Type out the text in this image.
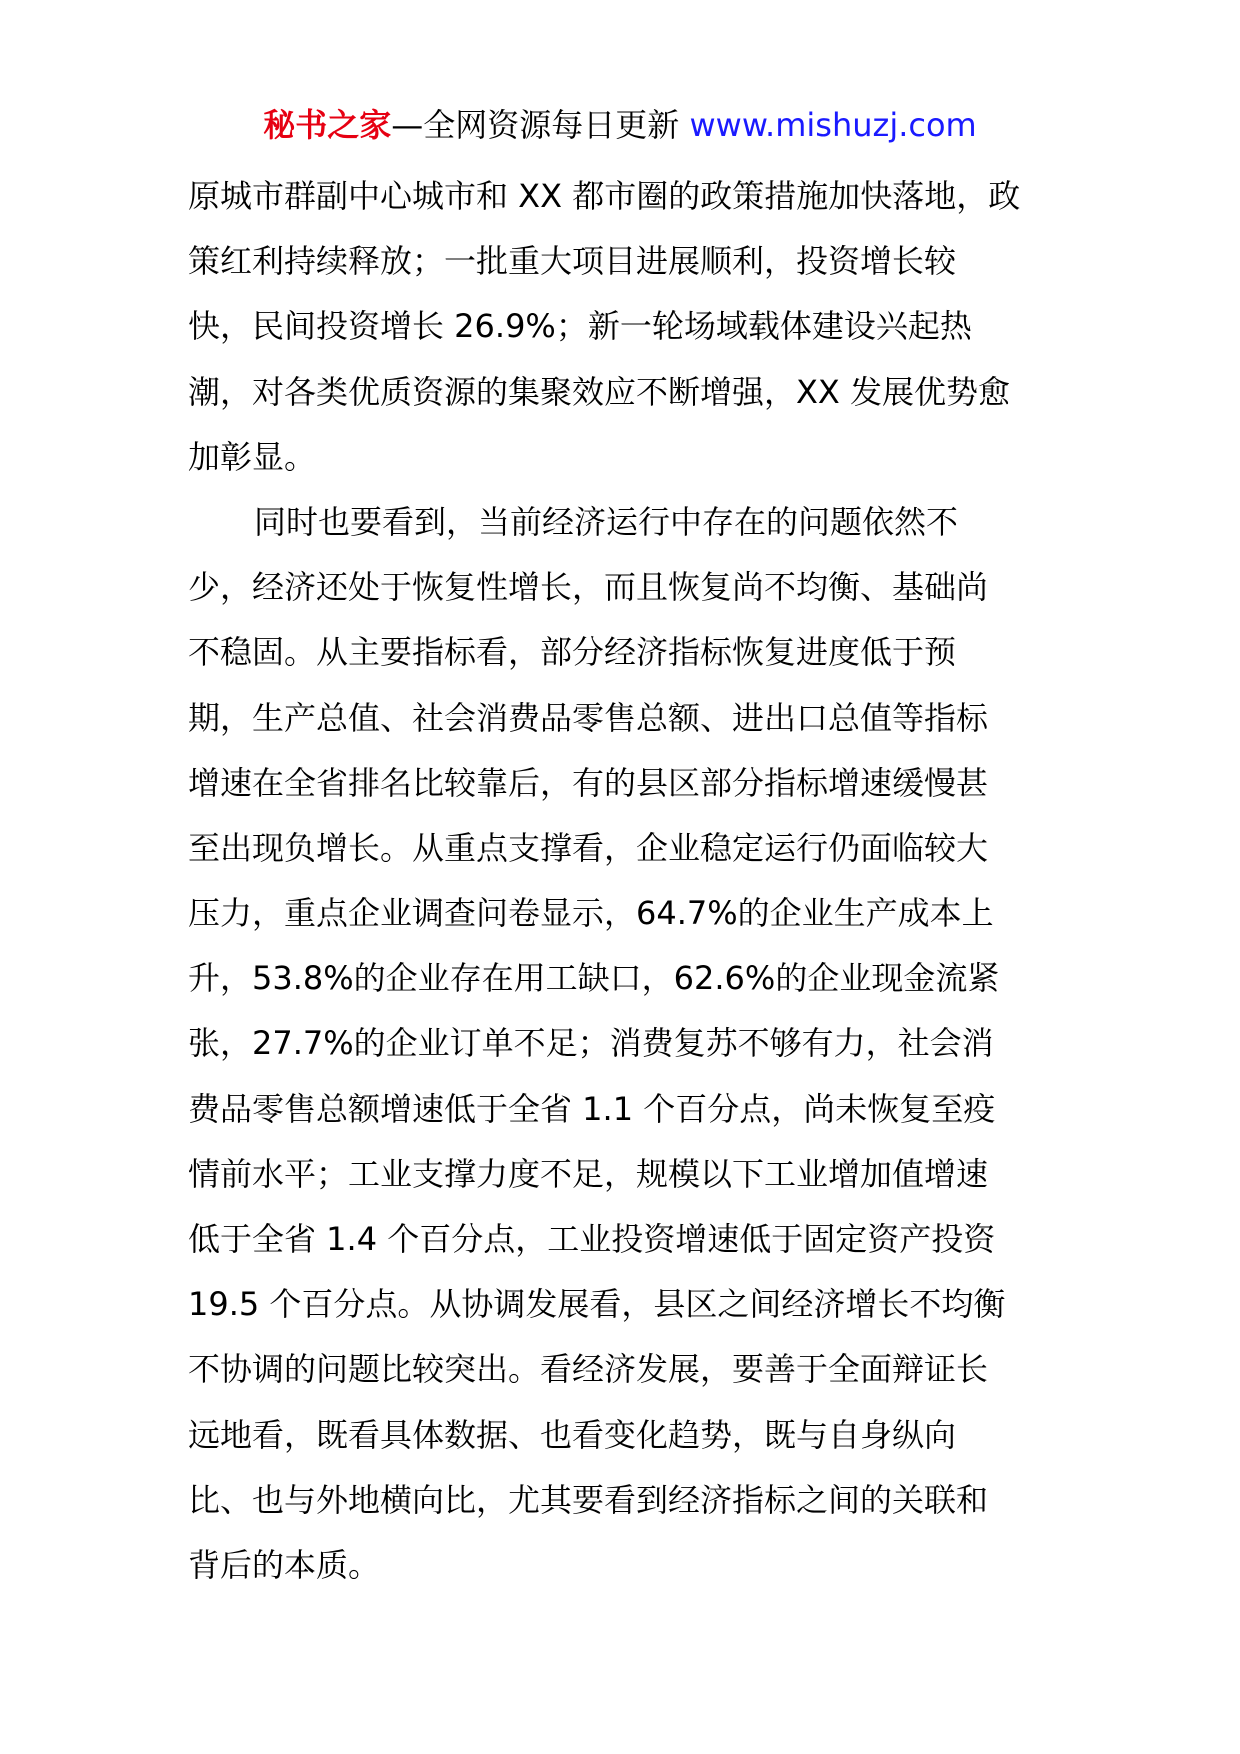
秘书之家—全网资源每日更新 www.mishuzj.com
原城市群副中心城市和 XX 都市圈的政策措施加快落地，政
策红利持续释放；一批重大项目进展顺利，投资增长较
快，民间投资增长 26.9%；新一轮场域载体建设兴起热
潮，对各类优质资源的集聚效应不断增强，XX 发展优势愈
加彰显。
同时也要看到，当前经济运行中存在的问题依然不
少，经济还处于恢复性增长，而且恢复尚不均衡、基础尚
不稳固。从主要指标看，部分经济指标恢复进度低于预
期，生产总值、社会消费品零售总额、进出口总值等指标
增速在全省排名比较靠后，有的县区部分指标增速缓慢甚
至出现负增长。从重点支撑看，企业稳定运行仍面临较大
压力，重点企业调查问卷显示，64.7%的企业生产成本上
升，53.8%的企业存在用工缺口，62.6%的企业现金流紧
张，27.7%的企业订单不足；消费复苏不够有力，社会消
费品零售总额增速低于全省 1.1 个百分点，尚未恢复至疫
情前水平；工业支撑力度不足，规模以下工业增加值增速
低于全省 1.4 个百分点，工业投资增速低于固定资产投资
19.5 个百分点。从协调发展看，县区之间经济增长不均衡
不协调的问题比较突出。看经济发展，要善于全面辩证长
远地看，既看具体数据、也看变化趋势，既与自身纵向
比、也与外地横向比，尤其要看到经济指标之间的关联和
背后的本质。
